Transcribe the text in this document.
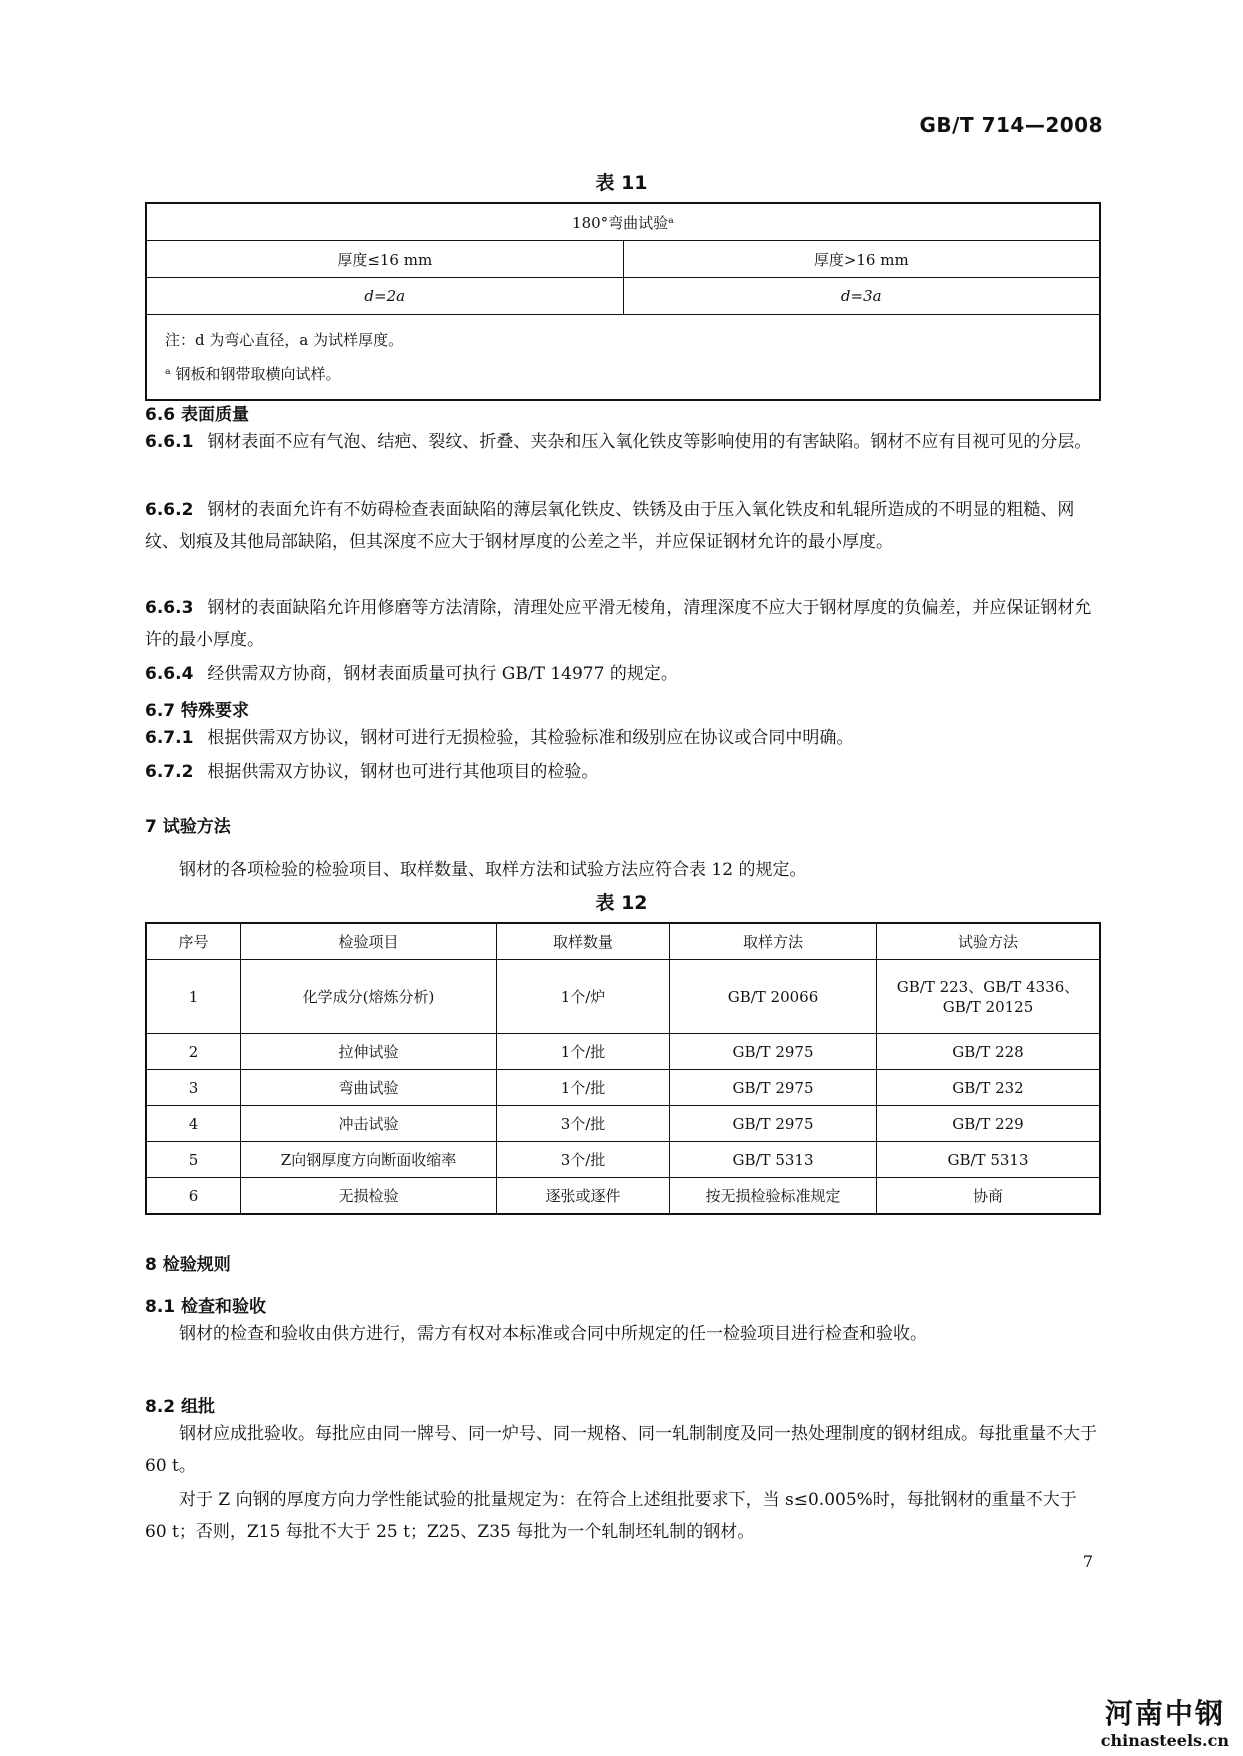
GB/T 714—2008
表 11
180°弯曲试验ᵃ	
厚度≤16 mm	厚度>16 mm
d=2a	d=3a

注：d 为弯心直径，a 为试样厚度。
ᵃ 钢板和钢带取横向试样。	
6.6 表面质量
6.6.1 钢材表面不应有气泡、结疤、裂纹、折叠、夹杂和压入氧化铁皮等影响使用的有害缺陷。钢材不应有目视可见的分层。
6.6.2 钢材的表面允许有不妨碍检查表面缺陷的薄层氧化铁皮、铁锈及由于压入氧化铁皮和轧辊所造成的不明显的粗糙、网纹、划痕及其他局部缺陷，但其深度不应大于钢材厚度的公差之半，并应保证钢材允许的最小厚度。
6.6.3 钢材的表面缺陷允许用修磨等方法清除，清理处应平滑无棱角，清理深度不应大于钢材厚度的负偏差，并应保证钢材允许的最小厚度。
6.6.4 经供需双方协商，钢材表面质量可执行 GB/T 14977 的规定。
6.7 特殊要求
6.7.1 根据供需双方协议，钢材可进行无损检验，其检验标准和级别应在协议或合同中明确。
6.7.2 根据供需双方协议，钢材也可进行其他项目的检验。
7 试验方法
钢材的各项检验的检验项目、取样数量、取样方法和试验方法应符合表 12 的规定。
表 12
序号	检验项目	取样数量	取样方法	试验方法
1	化学成分(熔炼分析)	1个/炉	GB/T 20066	GB/T 223、GB/T 4336、GB/T 20125
2	拉伸试验	1个/批	GB/T 2975	GB/T 228
3	弯曲试验	1个/批	GB/T 2975	GB/T 232
4	冲击试验	3个/批	GB/T 2975	GB/T 229
5	Z向钢厚度方向断面收缩率	3个/批	GB/T 5313	GB/T 5313
6	无损检验	逐张或逐件	按无损检验标准规定	协商
8 检验规则
8.1 检查和验收
钢材的检查和验收由供方进行，需方有权对本标准或合同中所规定的任一检验项目进行检查和验收。
8.2 组批
钢材应成批验收。每批应由同一牌号、同一炉号、同一规格、同一轧制制度及同一热处理制度的钢材组成。每批重量不大于 60 t。
对于 Z 向钢的厚度方向力学性能试验的批量规定为：在符合上述组批要求下，当 s≤0.005%时，每批钢材的重量不大于 60 t；否则，Z15 每批不大于 25 t；Z25、Z35 每批为一个轧制坯轧制的钢材。
7
河南中钢
chinasteels.cn
